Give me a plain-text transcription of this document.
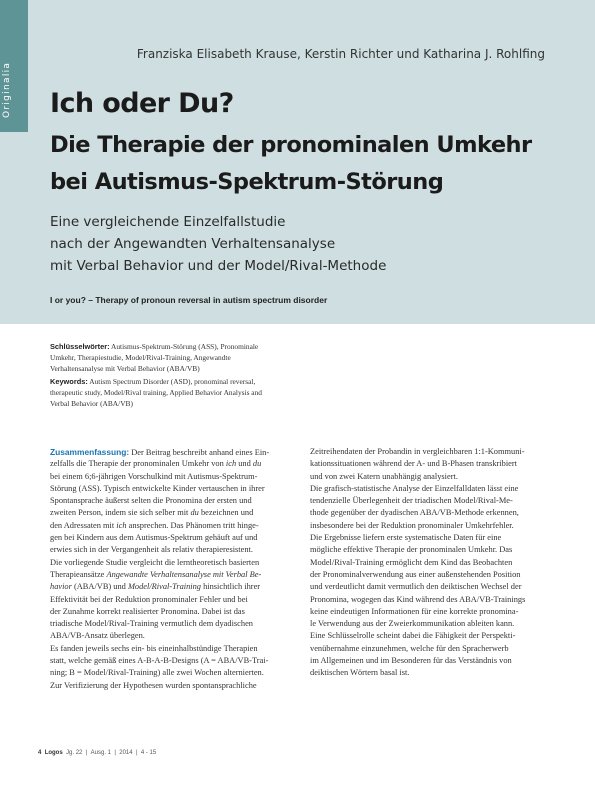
Originalia
Franziska Elisabeth Krause, Kerstin Richter und Katharina J. Rohlfing
Ich oder Du?
Die Therapie der pronominalen Umkehr
bei Autismus-Spektrum-Störung
Eine vergleichende Einzelfallstudie
nach der Angewandten Verhaltensanalyse
mit Verbal Behavior und der Model/Rival-Methode
I or you? – Therapy of pronoun reversal in autism spectrum disorder
Schlüsselwörter: Autismus-Spektrum-Störung (ASS), Pronominale
Umkehr, Therapiestudie, Model/Rival-Training, Angewandte
Verhaltensanalyse mit Verbal Behavior (ABA/VB)
Keywords: Autism Spectrum Disorder (ASD), pronominal reversal,
therapeutic study, Model/Rival training, Applied Behavior Analysis and
Verbal Behavior (ABA/VB)
Zusammenfassung: Der Beitrag beschreibt anhand eines Ein-
zelfalls die Therapie der pronominalen Umkehr von ich und du
bei einem 6;6-jährigen Vorschulkind mit Autismus-Spektrum-
Störung (ASS). Typisch entwickelte Kinder vertauschen in ihrer
Spontansprache äußerst selten die Pronomina der ersten und
zweiten Person, indem sie sich selber mit du bezeichnen und
den Adressaten mit ich ansprechen. Das Phänomen tritt hinge-
gen bei Kindern aus dem Autismus-Spektrum gehäuft auf und
erwies sich in der Vergangenheit als relativ therapieresistent.
Die vorliegende Studie vergleicht die lerntheoretisch basierten
Therapieansätze Angewandte Verhaltensanalyse mit Verbal Be-
havior (ABA/VB) und Model/Rival-Training hinsichtlich ihrer
Effektivität bei der Reduktion pronominaler Fehler und bei
der Zunahme korrekt realisierter Pronomina. Dabei ist das
triadische Model/Rival-Training vermutlich dem dyadischen
ABA/VB-Ansatz überlegen.
Es fanden jeweils sechs ein- bis eineinhalbstündige Therapien
statt, welche gemäß eines A-B-A-B-Designs (A = ABA/VB-Trai-
ning; B = Model/Rival-Training) alle zwei Wochen alternierten.
Zur Verifizierung der Hypothesen wurden spontansprachliche
Zeitreihendaten der Probandin in vergleichbaren 1:1-Kommuni-
kationssituationen während der A- und B-Phasen transkribiert
und von zwei Katern unabhängig analysiert.
Die grafisch-statistische Analyse der Einzelfalldaten lässt eine
tendenzielle Überlegenheit der triadischen Model/Rival-Me-
thode gegenüber der dyadischen ABA/VB-Methode erkennen,
insbesondere bei der Reduktion pronominaler Umkehrfehler.
Die Ergebnisse liefern erste systematische Daten für eine
mögliche effektive Therapie der pronominalen Umkehr. Das
Model/Rival-Training ermöglicht dem Kind das Beobachten
der Pronominalverwendung aus einer außenstehenden Position
und verdeutlicht damit vermutlich den deiktischen Wechsel der
Pronomina, wogegen das Kind während des ABA/VB-Trainings
keine eindeutigen Informationen für eine korrekte pronomina-
le Verwendung aus der Zweierkommunikation ableiten kann.
Eine Schlüsselrolle scheint dabei die Fähigkeit der Perspekti-
venübernahme einzunehmen, welche für den Spracherwerb
im Allgemeinen und im Besonderen für das Verständnis von
deiktischen Wörtern basal ist.
4 Logos Jg. 22 | Ausg. 1 | 2014 | 4 - 15
